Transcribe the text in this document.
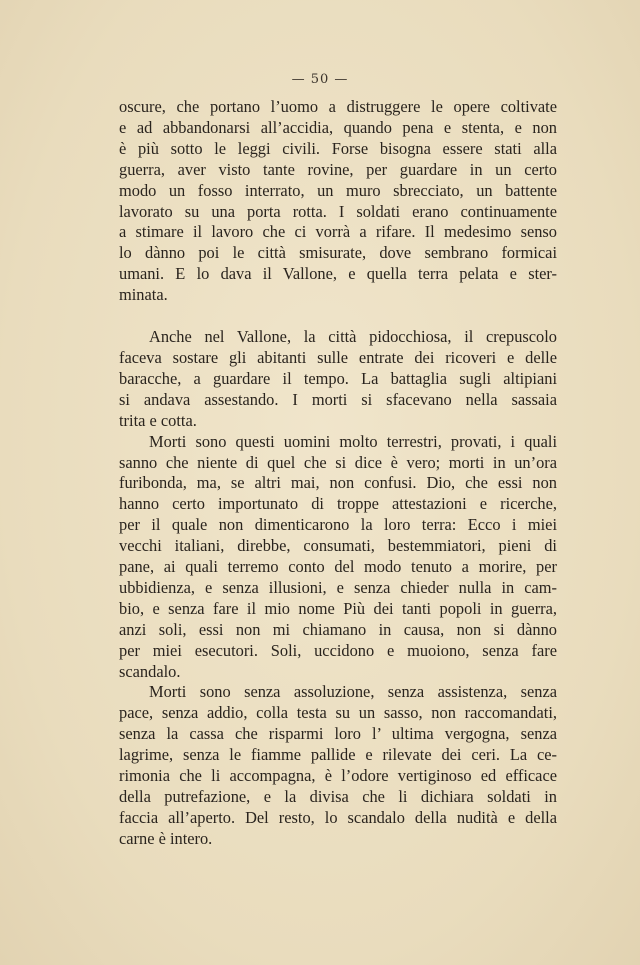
— 50 —
oscure, che portano l’uomo a distruggere le opere coltivate
e ad abbandonarsi all’accidia, quando pena e stenta, e non
è più sotto le leggi civili. Forse bisogna essere stati alla
guerra, aver visto tante rovine, per guardare in un certo
modo un fosso interrato, un muro sbrecciato, un battente
lavorato su una porta rotta. I soldati erano continuamente
a stimare il lavoro che ci vorrà a rifare. Il medesimo senso
lo dànno poi le città smisurate, dove sembrano formicai
umani. E lo dava il Vallone, e quella terra pelata e ster-
minata.
Anche nel Vallone, la città pidocchiosa, il crepuscolo
faceva sostare gli abitanti sulle entrate dei ricoveri e delle
baracche, a guardare il tempo. La battaglia sugli altipiani
si andava assestando. I morti si sfacevano nella sassaia
trita e cotta.
Morti sono questi uomini molto terrestri, provati, i quali
sanno che niente di quel che si dice è vero; morti in un’ora
furibonda, ma, se altri mai, non confusi. Dio, che essi non
hanno certo importunato di troppe attestazioni e ricerche,
per il quale non dimenticarono la loro terra: Ecco i miei
vecchi italiani, direbbe, consumati, bestemmiatori, pieni di
pane, ai quali terremo conto del modo tenuto a morire, per
ubbidienza, e senza illusioni, e senza chieder nulla in cam-
bio, e senza fare il mio nome Più dei tanti popoli in guerra,
anzi soli, essi non mi chiamano in causa, non si dànno
per miei esecutori. Soli, uccidono e muoiono, senza fare
scandalo.
Morti sono senza assoluzione, senza assistenza, senza
pace, senza addio, colla testa su un sasso, non raccomandati,
senza la cassa che risparmi loro l’ ultima vergogna, senza
lagrime, senza le fiamme pallide e rilevate dei ceri. La ce-
rimonia che li accompagna, è l’odore vertiginoso ed efficace
della putrefazione, e la divisa che li dichiara soldati in
faccia all’aperto. Del resto, lo scandalo della nudità e della
carne è intero.
